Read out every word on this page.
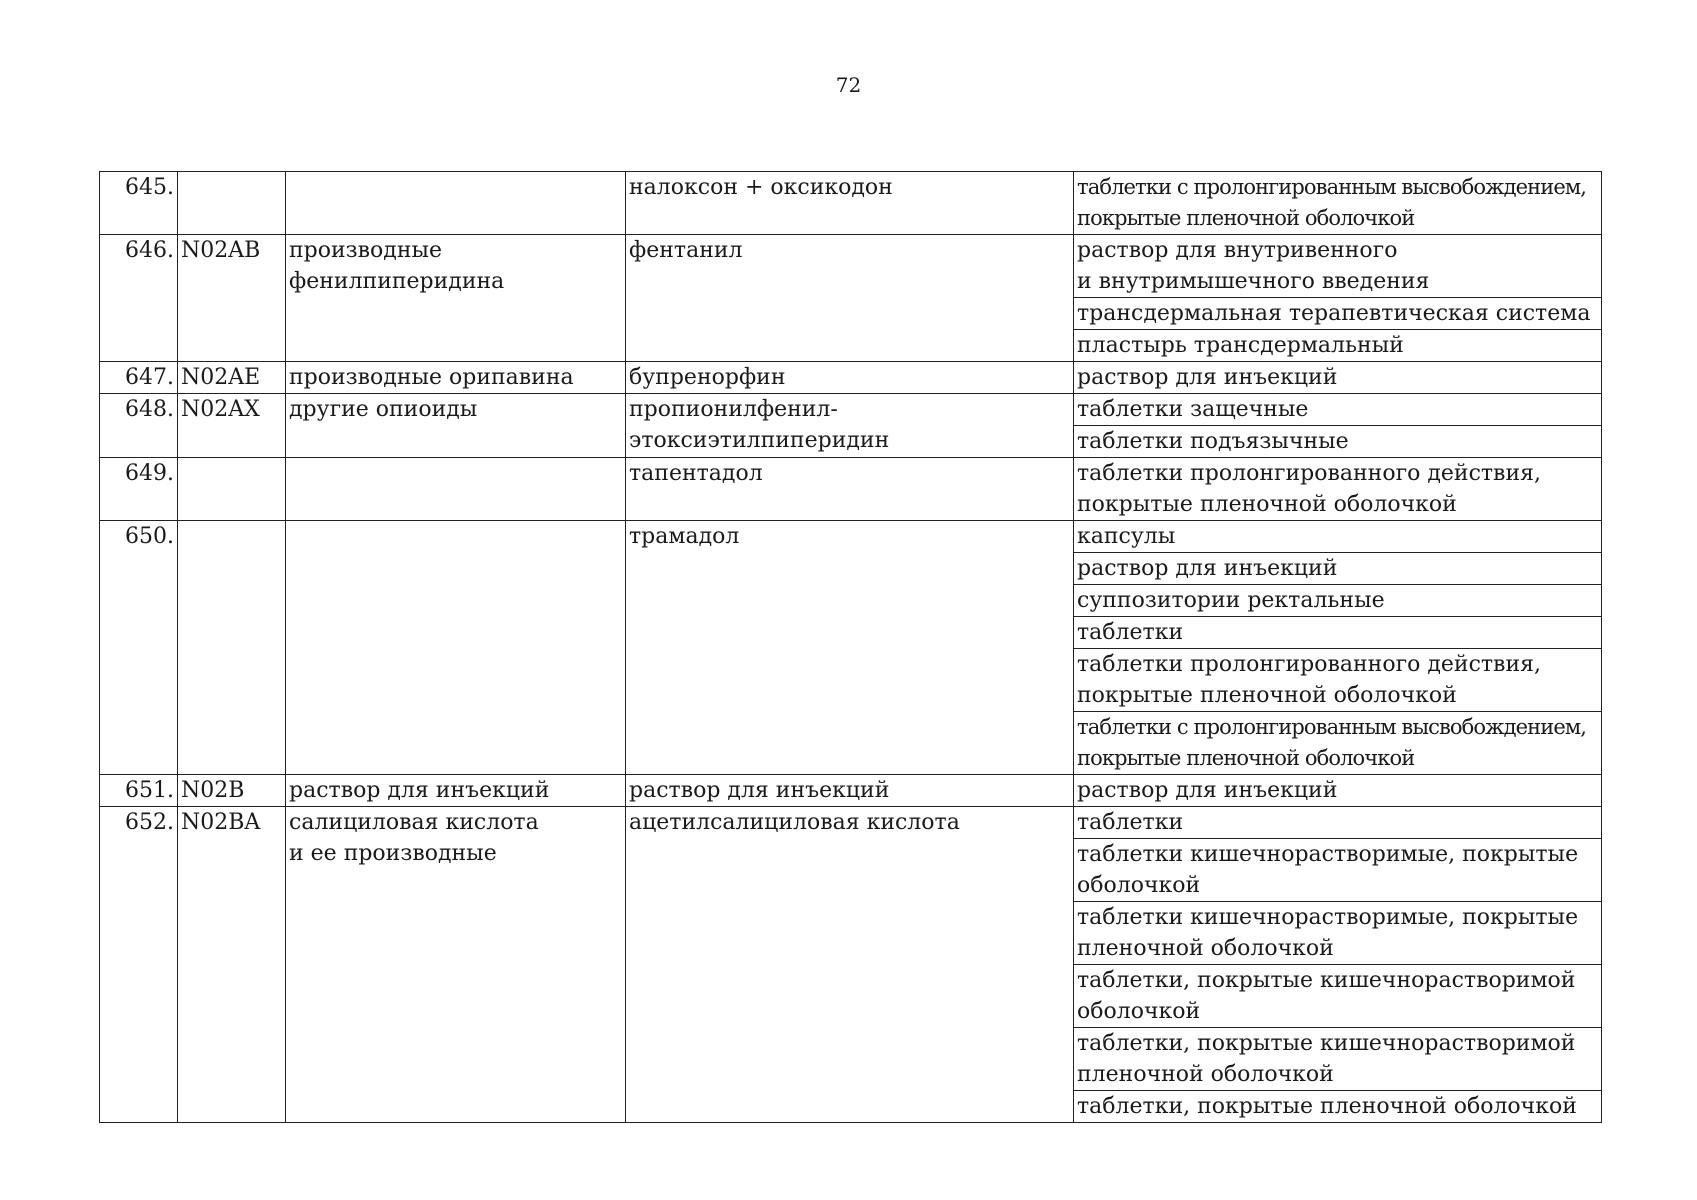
72
645.			налоксон + оксикодон	таблетки с пролонгированным высвобождением,
покрытые пленочной оболочкой
646.	N02AB	производные
фенилпиперидина	фентанил	раствор для внутривенного
и внутримышечного введения
				трансдермальная терапевтическая система
				пластырь трансдермальный
647.	N02AE	производные орипавина	бупренорфин	раствор для инъекций
648.	N02AX	другие опиоиды	пропионилфенил-
этоксиэтилпиперидин	таблетки защечные
				таблетки подъязычные
649.			тапентадол	таблетки пролонгированного действия,
покрытые пленочной оболочкой
650.			трамадол	капсулы
				раствор для инъекций
				суппозитории ректальные
				таблетки
				таблетки пролонгированного действия,
покрытые пленочной оболочкой
				таблетки с пролонгированным высвобождением,
покрытые пленочной оболочкой
651.	N02B	раствор для инъекций	раствор для инъекций	раствор для инъекций
652.	N02BA	салициловая кислота
и ее производные	ацетилсалициловая кислота	таблетки
				таблетки кишечнорастворимые, покрытые
оболочкой
				таблетки кишечнорастворимые, покрытые
пленочной оболочкой
				таблетки, покрытые кишечнорастворимой
оболочкой
				таблетки, покрытые кишечнорастворимой
пленочной оболочкой
				таблетки, покрытые пленочной оболочкой
